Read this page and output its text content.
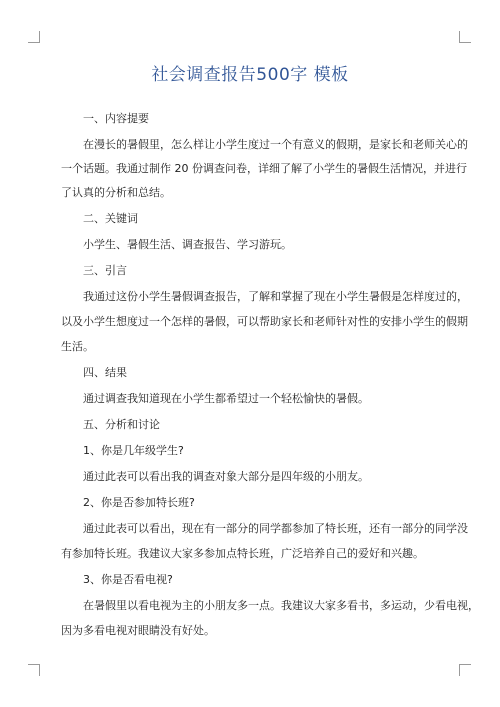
社会调查报告500字 模板
一、内容提要
在漫长的暑假里，怎么样让小学生度过一个有意义的假期，是家长和老师关心的
一个话题。我通过制作 20 份调查问卷，详细了解了小学生的暑假生活情况，并进行
了认真的分析和总结。
二、关键词
小学生、暑假生活、调查报告、学习游玩。
三、引言
我通过这份小学生暑假调查报告，了解和掌握了现在小学生暑假是怎样度过的，
以及小学生想度过一个怎样的暑假，可以帮助家长和老师针对性的安排小学生的假期
生活。
四、结果
通过调查我知道现在小学生都希望过一个轻松愉快的暑假。
五、分析和讨论
1、你是几年级学生?
通过此表可以看出我的调查对象大部分是四年级的小朋友。
2、你是否参加特长班?
通过此表可以看出，现在有一部分的同学都参加了特长班，还有一部分的同学没
有参加特长班。我建议大家多参加点特长班，广泛培养自己的爱好和兴趣。
3、你是否看电视?
在暑假里以看电视为主的小朋友多一点。我建议大家多看书，多运动，少看电视，
因为多看电视对眼睛没有好处。
